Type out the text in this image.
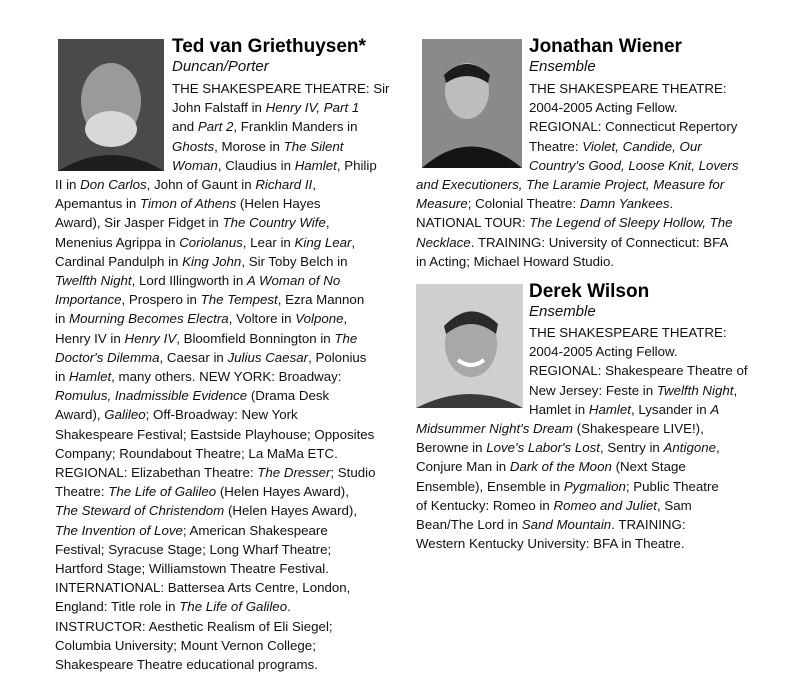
Ted van Griethuysen*
Duncan/Porter
THE SHAKESPEARE THEATRE: Sir
John Falstaff in Henry IV, Part 1
and Part 2, Franklin Manders in
Ghosts, Morose in The Silent
Woman, Claudius in Hamlet, Philip
II in Don Carlos, John of Gaunt in Richard II,
Apemantus in Timon of Athens (Helen Hayes
Award), Sir Jasper Fidget in The Country Wife,
Menenius Agrippa in Coriolanus, Lear in King Lear,
Cardinal Pandulph in King John, Sir Toby Belch in
Twelfth Night, Lord Illingworth in A Woman of No
Importance, Prospero in The Tempest, Ezra Mannon
in Mourning Becomes Electra, Voltore in Volpone,
Henry IV in Henry IV, Bloomfield Bonnington in The
Doctor's Dilemma, Caesar in Julius Caesar, Polonius
in Hamlet, many others. NEW YORK: Broadway:
Romulus, Inadmissible Evidence (Drama Desk
Award), Galileo; Off-Broadway: New York
Shakespeare Festival; Eastside Playhouse; Opposites
Company; Roundabout Theatre; La MaMa ETC.
REGIONAL: Elizabethan Theatre: The Dresser; Studio
Theatre: The Life of Galileo (Helen Hayes Award),
The Steward of Christendom (Helen Hayes Award),
The Invention of Love; American Shakespeare
Festival; Syracuse Stage; Long Wharf Theatre;
Hartford Stage; Williamstown Theatre Festival.
INTERNATIONAL: Battersea Arts Centre, London,
England: Title role in The Life of Galileo.
INSTRUCTOR: Aesthetic Realism of Eli Siegel;
Columbia University; Mount Vernon College;
Shakespeare Theatre educational programs.
Jonathan Wiener
Ensemble
THE SHAKESPEARE THEATRE:
2004-2005 Acting Fellow.
REGIONAL: Connecticut Repertory
Theatre: Violet, Candide, Our
Country's Good, Loose Knit, Lovers
and Executioners, The Laramie Project, Measure for
Measure; Colonial Theatre: Damn Yankees.
NATIONAL TOUR: The Legend of Sleepy Hollow, The
Necklace. TRAINING: University of Connecticut: BFA
in Acting; Michael Howard Studio.
Derek Wilson
Ensemble
THE SHAKESPEARE THEATRE:
2004-2005 Acting Fellow.
REGIONAL: Shakespeare Theatre of
New Jersey: Feste in Twelfth Night,
Hamlet in Hamlet, Lysander in A
Midsummer Night's Dream (Shakespeare LIVE!),
Berowne in Love's Labor's Lost, Sentry in Antigone,
Conjure Man in Dark of the Moon (Next Stage
Ensemble), Ensemble in Pygmalion; Public Theatre
of Kentucky: Romeo in Romeo and Juliet, Sam
Bean/The Lord in Sand Mountain. TRAINING:
Western Kentucky University: BFA in Theatre.
